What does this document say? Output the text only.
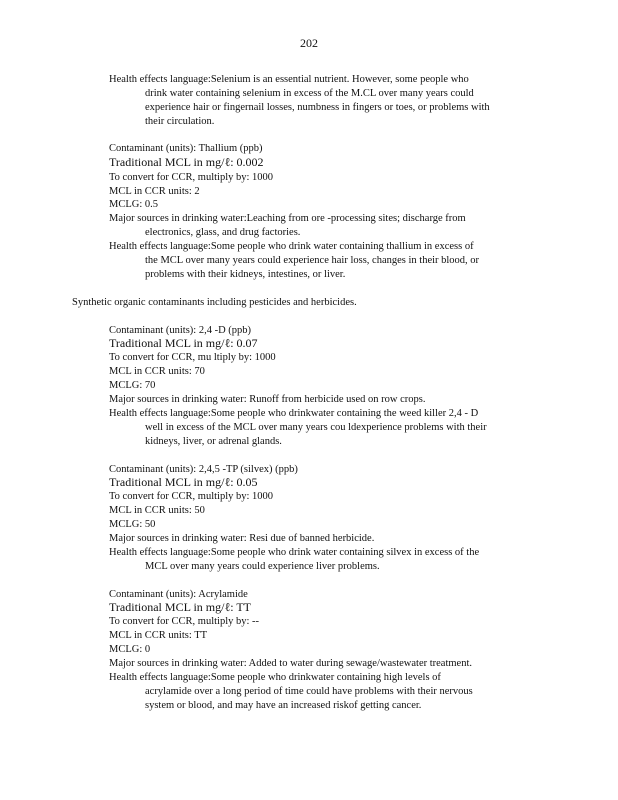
202
Health effects language:Selenium is an essential nutrient. However, some people who
drink water containing selenium in excess of the M.CL over many years could
experience hair or fingernail losses, numbness in fingers or toes, or problems with
their circulation.
Contaminant (units): Thallium (ppb)
Traditional MCL in mg/ℓ: 0.002
To convert for CCR, multiply by: 1000
MCL in CCR units: 2
MCLG: 0.5
Major sources in drinking water:Leaching from ore -processing sites; discharge from
electronics, glass, and drug factories.
Health effects language:Some people who drink water containing thallium in excess of
the MCL over many years could experience hair loss, changes in their blood, or
problems with their kidneys, intestines, or liver.
Synthetic organic contaminants including pesticides and herbicides.
Contaminant (units): 2,4 -D (ppb)
Traditional MCL in mg/ℓ: 0.07
To convert for CCR, mu ltiply by: 1000
MCL in CCR units: 70
MCLG: 70
Major sources in drinking water: Runoff from herbicide used on row crops.
Health effects language:Some people who drinkwater containing the weed killer 2,4 - D
well in excess of the MCL over many years cou ldexperience problems with their
kidneys, liver, or adrenal glands.
Contaminant (units): 2,4,5 -TP (silvex) (ppb)
Traditional MCL in mg/ℓ: 0.05
To convert for CCR, multiply by: 1000
MCL in CCR units: 50
MCLG: 50
Major sources in drinking water: Resi due of banned herbicide.
Health effects language:Some people who drink water containing silvex in excess of the
MCL over many years could experience liver problems.
Contaminant (units): Acrylamide
Traditional MCL in mg/ℓ: TT
To convert for CCR, multiply by: --
MCL in CCR units: TT
MCLG: 0
Major sources in drinking water: Added to water during sewage/wastewater treatment.
Health effects language:Some people who drinkwater containing high levels of
acrylamide over a long period of time could have problems with their nervous
system or blood, and may have an increased riskof getting cancer.
